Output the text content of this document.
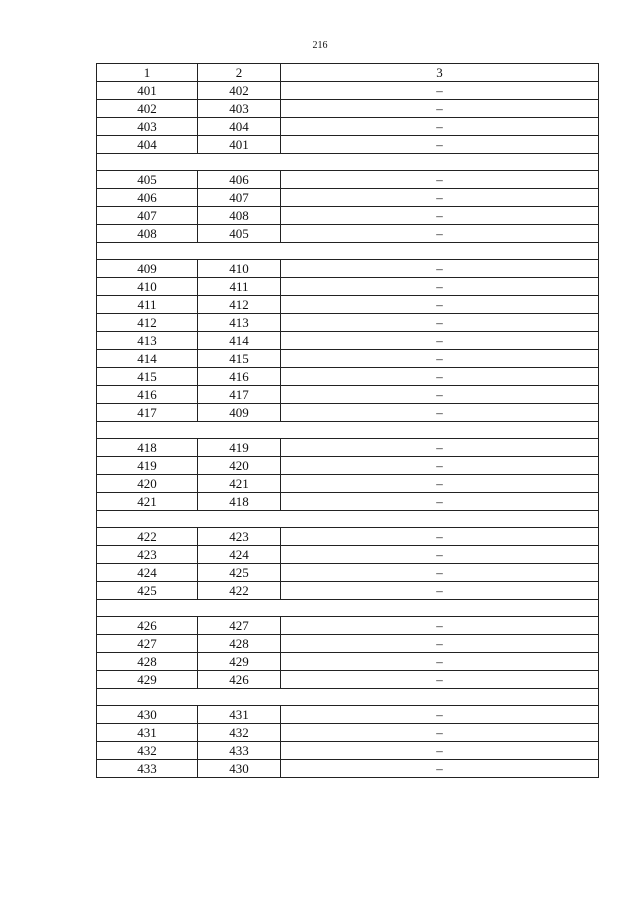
216
1	2	3
401	402	–
402	403	–
403	404	–
404	401	–

405	406	–
406	407	–
407	408	–
408	405	–

409	410	–
410	411	–
411	412	–
412	413	–
413	414	–
414	415	–
415	416	–
416	417	–
417	409	–

418	419	–
419	420	–
420	421	–
421	418	–

422	423	–
423	424	–
424	425	–
425	422	–

426	427	–
427	428	–
428	429	–
429	426	–

430	431	–
431	432	–
432	433	–
433	430	–
